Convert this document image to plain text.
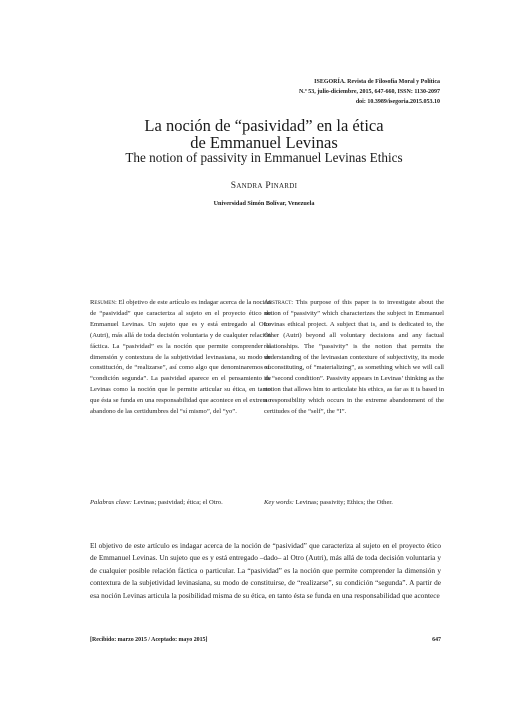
ISEGORÍA. Revista de Filosofía Moral y Política
N.º 53, julio-diciembre, 2015, 647-660, ISSN: 1130-2097
doi: 10.3989/isegoria.2015.053.10
La noción de “pasividad” en la ética
de Emmanuel Levinas
The notion of passivity in Emmanuel Levinas Ethics
Sandra Pinardi
Universidad Simón Bolívar, Venezuela
Resumen: El objetivo de este artículo es indagar acerca de la noción de “pasividad” que caracteriza al sujeto en el proyecto ético de Emmanuel Levinas. Un sujeto que es y está entregado al Otro (Autri), más allá de toda decisión voluntaria y de cualquier relación fáctica. La “pasividad” es la noción que permite comprender la dimensión y contextura de la subjetividad levinasiana, su modo de constitución, de “realizarse”, así como algo que denominaremos su “condición segunda”. La pasividad aparece en el pensamiento de Levinas como la noción que le permite articular su ética, en tanto que ésta se funda en una responsabilidad que acontece en el extremo abandono de las certidumbres del “sí mismo”, del “yo”.
Abstract: This purpose of this paper is to investigate about the notion of “passivity” which characterizes the subject in Emmanuel Levinas ethical project. A subject that is, and is dedicated to, the Other (Autri) beyond all voluntary decisions and any factual relationships. The “passivity” is the notion that permits the understanding of the levinasian contexture of subjectivity, its mode of constituting, of “materializing”, as something which we will call its “second condition”. Passivity appears in Levinas’ thinking as the notion that allows him to articulate his ethics, as far as it is based in a responsibility which occurs in the extreme abandonment of the certitudes of the “self”, the “I”.
Palabras clave: Levinas; pasividad; ética; el Otro.	Key words: Levinas; passivity; Ethics; the Other.

El objetivo de este artículo es indagar acerca de la noción de “pasividad” que caracteriza al sujeto en el proyecto ético de Emmanuel Levinas. Un sujeto que es y está entregado –dado– al Otro (Autri), más allá de toda decisión voluntaria y de cualquier posible relación fáctica o particular. La “pasividad” es la noción que permite comprender la dimensión y contextura de la subjetividad levinasiana, su modo de constituirse, de “realizarse”, su condición “segunda”. A partir de esa noción Levinas articula la posibilidad misma de su ética, en tanto ésta se funda en una responsabilidad que acontece

[Recibido: marzo 2015 / Aceptado: mayo 2015]	647
